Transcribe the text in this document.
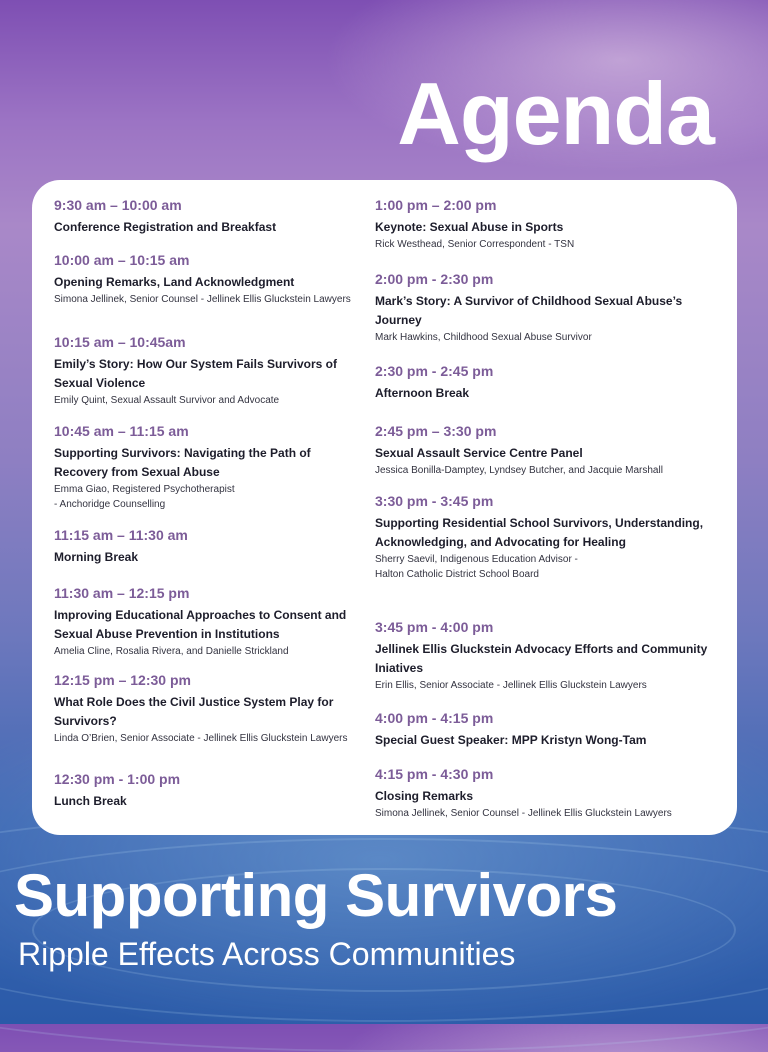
Agenda

9:30 am – 10:00 am

Conference Registration and Breakfast

10:00 am – 10:15 am

Opening Remarks, Land Acknowledgment

Simona Jellinek, Senior Counsel - Jellinek Ellis Gluckstein Lawyers

10:15 am – 10:45am

Emily’s Story: How Our System Fails Survivors of Sexual Violence

Emily Quint, Sexual Assault Survivor and Advocate

10:45 am – 11:15 am

Supporting Survivors: Navigating the Path of Recovery from Sexual Abuse

Emma Giao, Registered Psychotherapist
- Anchoridge Counselling

11:15 am – 11:30 am

Morning Break

11:30 am – 12:15 pm

Improving Educational Approaches to Consent and Sexual Abuse Prevention in Institutions

Amelia Cline, Rosalia Rivera, and Danielle Strickland

12:15 pm – 12:30 pm

What Role Does the Civil Justice System Play for Survivors?

Linda O’Brien, Senior Associate - Jellinek Ellis Gluckstein Lawyers

12:30 pm - 1:00 pm

Lunch Break

1:00 pm – 2:00 pm

Keynote: Sexual Abuse in Sports

Rick Westhead, Senior Correspondent - TSN

2:00 pm - 2:30 pm

Mark’s Story: A Survivor of Childhood Sexual Abuse’s Journey

Mark Hawkins, Childhood Sexual Abuse Survivor

2:30 pm - 2:45 pm

Afternoon Break

2:45 pm – 3:30 pm

Sexual Assault Service Centre Panel

Jessica Bonilla-Damptey, Lyndsey Butcher, and Jacquie Marshall

3:30 pm - 3:45 pm

Supporting Residential School Survivors, Understanding, Acknowledging, and Advocating for Healing

Sherry Saevil, Indigenous Education Advisor -
Halton Catholic District School Board

3:45 pm - 4:00 pm

Jellinek Ellis Gluckstein Advocacy Efforts and Community Iniatives

Erin Ellis, Senior Associate - Jellinek Ellis Gluckstein Lawyers

4:00 pm - 4:15 pm

Special Guest Speaker: MPP Kristyn Wong-Tam

4:15 pm - 4:30 pm

Closing Remarks

Simona Jellinek, Senior Counsel - Jellinek Ellis Gluckstein Lawyers

Supporting Survivors

Ripple Effects Across Communities
